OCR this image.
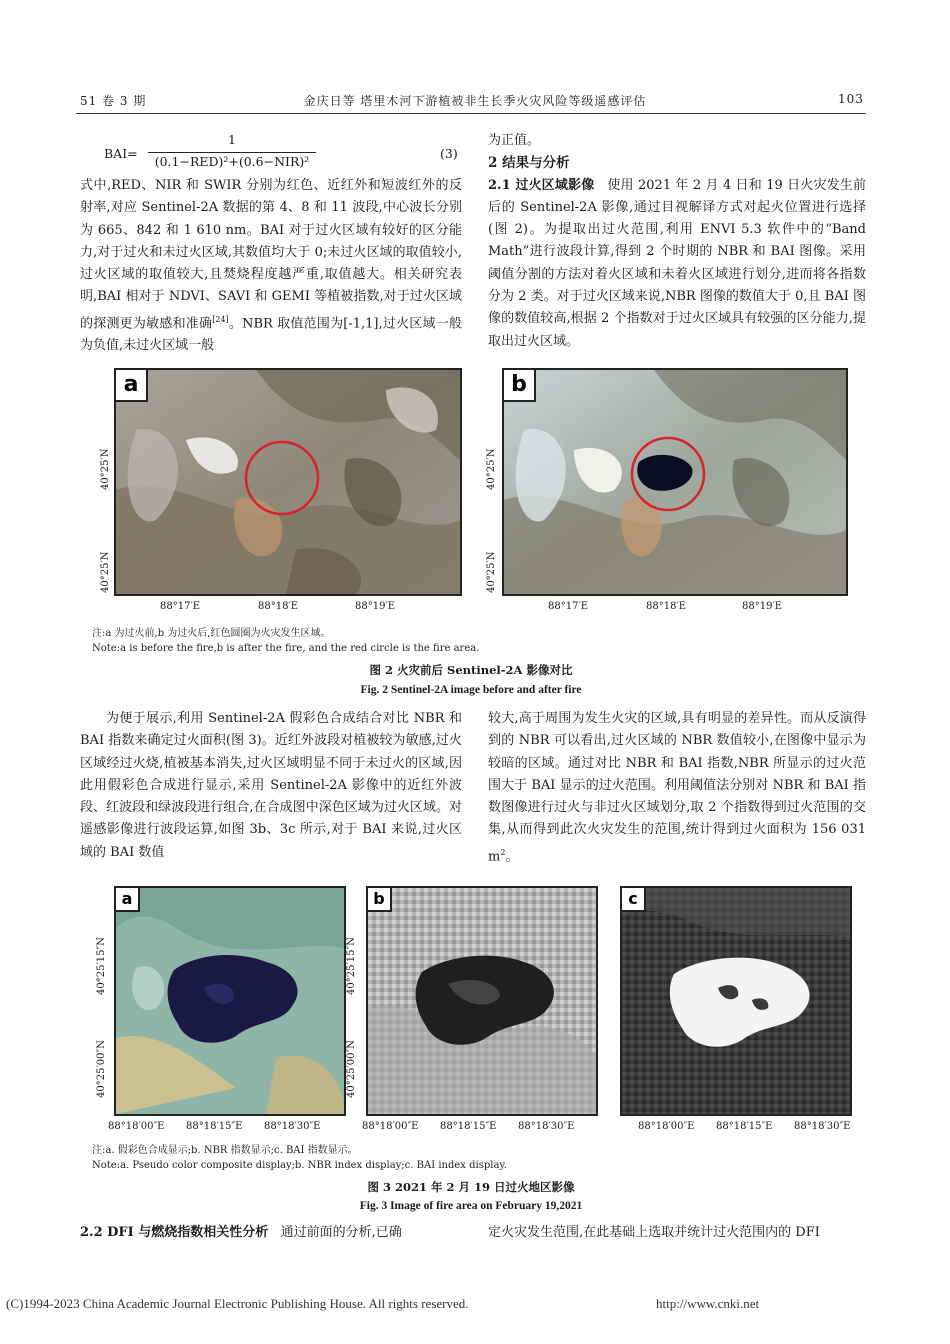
51 卷 3 期	金庆日等 塔里木河下游植被非生长季火灾风险等级遥感评估	103
BAI=
1
(0.1−RED)²+(0.6−NIR)²
(3)

式中,RED、NIR 和 SWIR 分别为红色、近红外和短波红外的反射率,对应 Sentinel-2A 数据的第 4、8 和 11 波段,中心波长分别为 665、842 和 1 610 nm。BAI 对于过火区域有较好的区分能力,对于过火和未过火区域,其数值均大于 0;未过火区域的取值较小,过火区域的取值较大,且焚烧程度越严重,取值越大。相关研究表明,BAI 相对于 NDVI、SAVI 和 GEMI 等植被指数,对于过火区域的探测更为敏感和准确[24]。NBR 取值范围为[-1,1],过火区域一般为负值,未过火区域一般

为正值。

2 结果与分析

2.1 过火区域影像 使用 2021 年 2 月 4 日和 19 日火灾发生前后的 Sentinel-2A 影像,通过目视解译方式对起火位置进行选择(图 2)。为提取出过火范围,利用 ENVI 5.3 软件中的“Band Math”进行波段计算,得到 2 个时期的 NBR 和 BAI 图像。采用阈值分割的方法对着火区域和未着火区域进行划分,进而将各指数分为 2 类。对于过火区域来说,NBR 图像的数值大于 0,且 BAI 图像的数值较高,根据 2 个指数对于过火区域具有较强的区分能力,提取出过火区域。

40°25′N
40°25′N
a
88°17′E	88°18′E	88°19′E
40°25′N
40°25′N
b
88°17′E	88°18′E	88°19′E
注:a 为过火前,b 为过火后,红色圆圈为火灾发生区域。
Note:a is before the fire,b is after the fire, and the red circle is the fire area.
图 2 火灾前后 Sentinel-2A 影像对比
Fig. 2 Sentinel-2A image before and after fire

为便于展示,利用 Sentinel-2A 假彩色合成结合对比 NBR 和 BAI 指数来确定过火面积(图 3)。近红外波段对植被较为敏感,过火区域经过火烧,植被基本消失,过火区域明显不同于未过火的区域,因此用假彩色合成进行显示,采用 Sentinel-2A 影像中的近红外波段、红波段和绿波段进行组合,在合成图中深色区域为过火区域。对遥感影像进行波段运算,如图 3b、3c 所示,对于 BAI 来说,过火区域的 BAI 数值

较大,高于周围为发生火灾的区域,具有明显的差异性。而从反演得到的 NBR 可以看出,过火区域的 NBR 数值较小,在图像中显示为较暗的区域。通过对比 NBR 和 BAI 指数,NBR 所显示的过火范围大于 BAI 显示的过火范围。利用阈值法分别对 NBR 和 BAI 指数图像进行过火与非过火区域划分,取 2 个指数得到过火范围的交集,从而得到此次火灾发生的范围,统计得到过火面积为 156 031 $m^2$。

40°25′15″N
40°25′00″N
a
40°25′15″N
40°25′00″N
b	c
88°18′00″E 88°18′15″E 88°18′30″E	88°18′00″E 88°18′15″E 88°18′30″E	88°18′00″E 88°18′15″E 88°18′30″E
注:a. 假彩色合成显示;b. NBR 指数显示;c. BAI 指数显示。
Note:a. Pseudo color composite display;b. NBR index display;c. BAI index display.
图 3 2021 年 2 月 19 日过火地区影像
Fig. 3 Image of fire area on February 19,2021

2.2 DFI 与燃烧指数相关性分析 通过前面的分析,已确	定火灾发生范围,在此基础上选取并统计过火范围内的 DFI

(C)1994-2023 China Academic Journal Electronic Publishing House. All rights reserved.	http://www.cnki.net
